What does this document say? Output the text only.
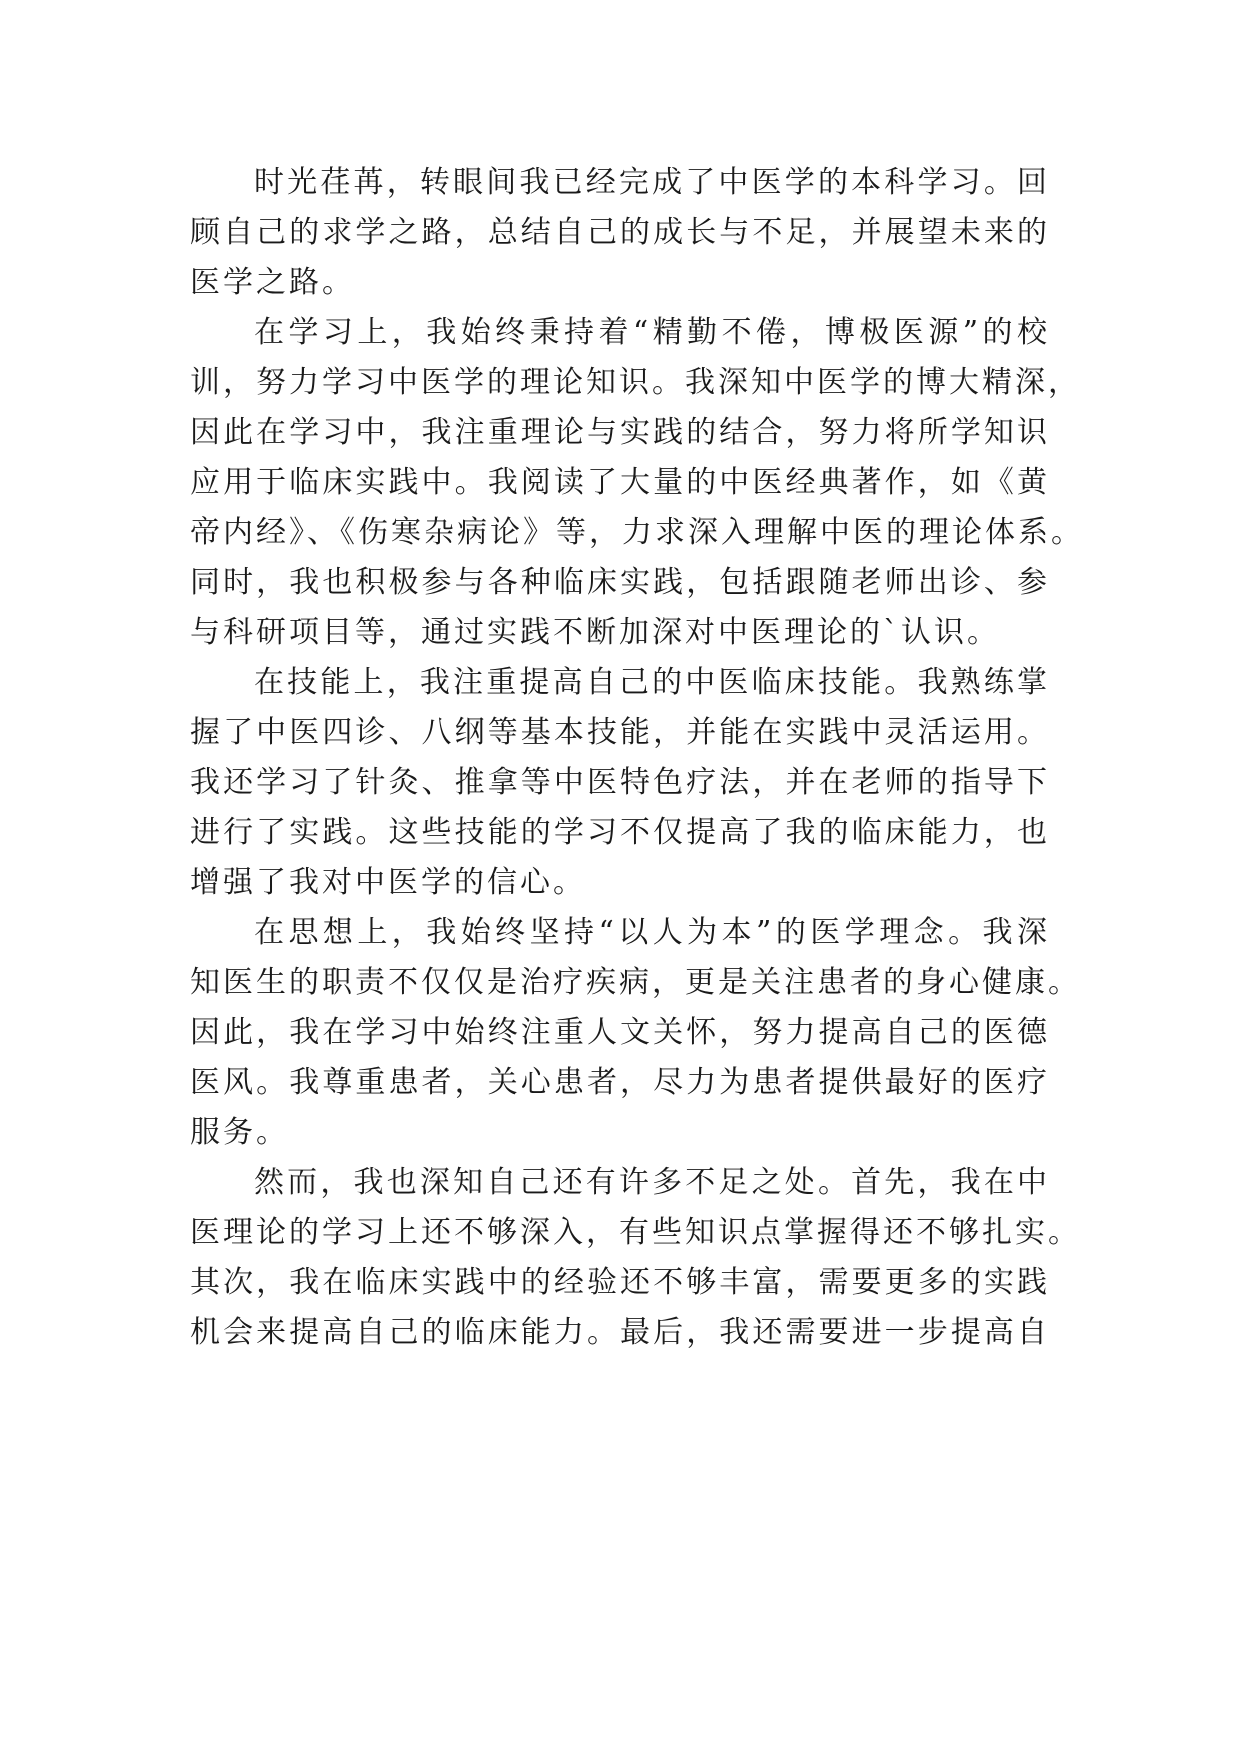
时光荏苒，转眼间我已经完成了中医学的本科学习。回
顾自己的求学之路，总结自己的成长与不足，并展望未来的
医学之路。
在学习上，我始终秉持着“精勤不倦，博极医源”的校
训，努力学习中医学的理论知识。我深知中医学的博大精深，
因此在学习中，我注重理论与实践的结合，努力将所学知识
应用于临床实践中。我阅读了大量的中医经典著作，如《黄
帝内经》、《伤寒杂病论》等，力求深入理解中医的理论体系。
同时，我也积极参与各种临床实践，包括跟随老师出诊、参
与科研项目等，通过实践不断加深对中医理论的`认识。
在技能上，我注重提高自己的中医临床技能。我熟练掌
握了中医四诊、八纲等基本技能，并能在实践中灵活运用。
我还学习了针灸、推拿等中医特色疗法，并在老师的指导下
进行了实践。这些技能的学习不仅提高了我的临床能力，也
增强了我对中医学的信心。
在思想上，我始终坚持“以人为本”的医学理念。我深
知医生的职责不仅仅是治疗疾病，更是关注患者的身心健康。
因此，我在学习中始终注重人文关怀，努力提高自己的医德
医风。我尊重患者，关心患者，尽力为患者提供最好的医疗
服务。
然而，我也深知自己还有许多不足之处。首先，我在中
医理论的学习上还不够深入，有些知识点掌握得还不够扎实。
其次，我在临床实践中的经验还不够丰富，需要更多的实践
机会来提高自己的临床能力。最后，我还需要进一步提高自
